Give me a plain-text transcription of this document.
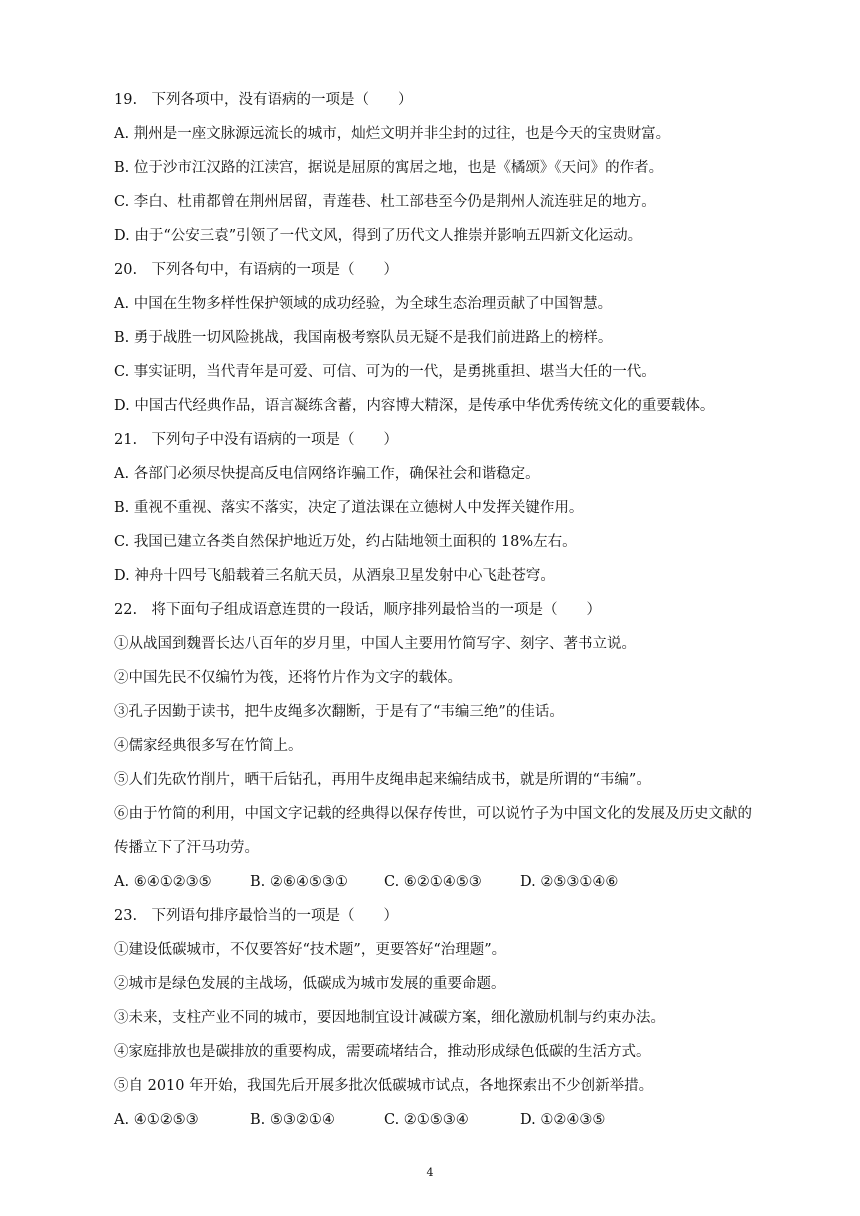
19.　下列各项中，没有语病的一项是（　　）
A. 荆州是一座文脉源远流长的城市，灿烂文明并非尘封的过往，也是今天的宝贵财富。
B. 位于沙市江汉路的江渎宫，据说是屈原的寓居之地，也是《橘颂》《天问》的作者。
C. 李白、杜甫都曾在荆州居留，青莲巷、杜工部巷至今仍是荆州人流连驻足的地方。
D. 由于“公安三袁”引领了一代文风，得到了历代文人推崇并影响五四新文化运动。
20.　下列各句中，有语病的一项是（　　）
A. 中国在生物多样性保护领域的成功经验，为全球生态治理贡献了中国智慧。
B. 勇于战胜一切风险挑战，我国南极考察队员无疑不是我们前进路上的榜样。
C. 事实证明，当代青年是可爱、可信、可为的一代，是勇挑重担、堪当大任的一代。
D. 中国古代经典作品，语言凝练含蓄，内容博大精深，是传承中华优秀传统文化的重要载体。
21.　下列句子中没有语病的一项是（　　）
A. 各部门必须尽快提高反电信网络诈骗工作，确保社会和谐稳定。
B. 重视不重视、落实不落实，决定了道法课在立德树人中发挥关键作用。
C. 我国已建立各类自然保护地近万处，约占陆地领土面积的 18%左右。
D. 神舟十四号飞船载着三名航天员，从酒泉卫星发射中心飞赴苍穹。
22.　将下面句子组成语意连贯的一段话，顺序排列最恰当的一项是（　　）
①从战国到魏晋长达八百年的岁月里，中国人主要用竹简写字、刻字、著书立说。
②中国先民不仅编竹为筏，还将竹片作为文字的载体。
③孔子因勤于读书，把牛皮绳多次翻断，于是有了“韦编三绝”的佳话。
④儒家经典很多写在竹简上。
⑤人们先砍竹削片，晒干后钻孔，再用牛皮绳串起来编结成书，就是所谓的“韦编”。
⑥由于竹简的利用，中国文字记载的经典得以保存传世，可以说竹子为中国文化的发展及历史文献的
传播立下了汗马功劳。
A. ⑥④①②③⑤	B. ②⑥④⑤③① C. ⑥②①④⑤③	D. ②⑤③①④⑥
23.　下列语句排序最恰当的一项是（　　）
①建设低碳城市，不仅要答好“技术题”，更要答好“治理题”。
②城市是绿色发展的主战场，低碳成为城市发展的重要命题。
③未来，支柱产业不同的城市，要因地制宜设计减碳方案，细化激励机制与约束办法。
④家庭排放也是碳排放的重要构成，需要疏堵结合，推动形成绿色低碳的生活方式。
⑤自 2010 年开始，我国先后开展多批次低碳城市试点，各地探索出不少创新举措。
A. ④①②⑤③	B. ⑤③②①④	C. ②①⑤③④	D. ①②④③⑤
4
